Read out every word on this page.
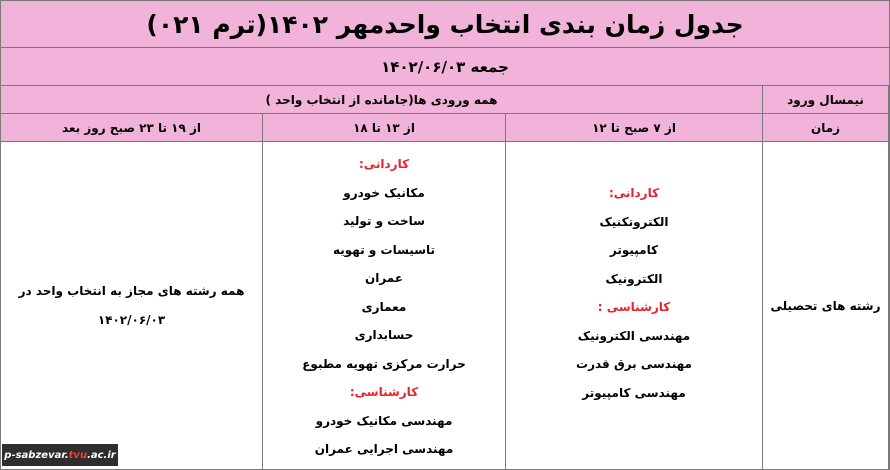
جدول زمان بندی انتخاب واحدمهر ۱۴۰۲(ترم ۰۲۱)
جمعه ۱۴۰۲/۰۶/۰۳
نیمسال ورود
همه ورودی ها(جامانده از انتخاب واحد )
زمان
از ۷ صبح تا ۱۲
از ۱۳ تا ۱۸
از ۱۹ تا ۲۳ صبح روز بعد
رشته های تحصیلی
کاردانی:
الکتروتکنیک
کامپیوتر
الکترونیک
کارشناسی :
مهندسی الکترونیک
مهندسی برق قدرت
مهندسی کامپیوتر
کاردانی:
مکانیک خودرو
ساخت و تولید
تاسیسات و تهویه
عمران
معماری
حسابداری
حرارت مرکزی تهویه مطبوع
کارشناسی:
مهندسی مکانیک خودرو
مهندسی اجرایی عمران
همه رشته های مجاز به انتخاب واحد در
۱۴۰۲/۰۶/۰۳
p-sabzevar. tvu .ac.ir
